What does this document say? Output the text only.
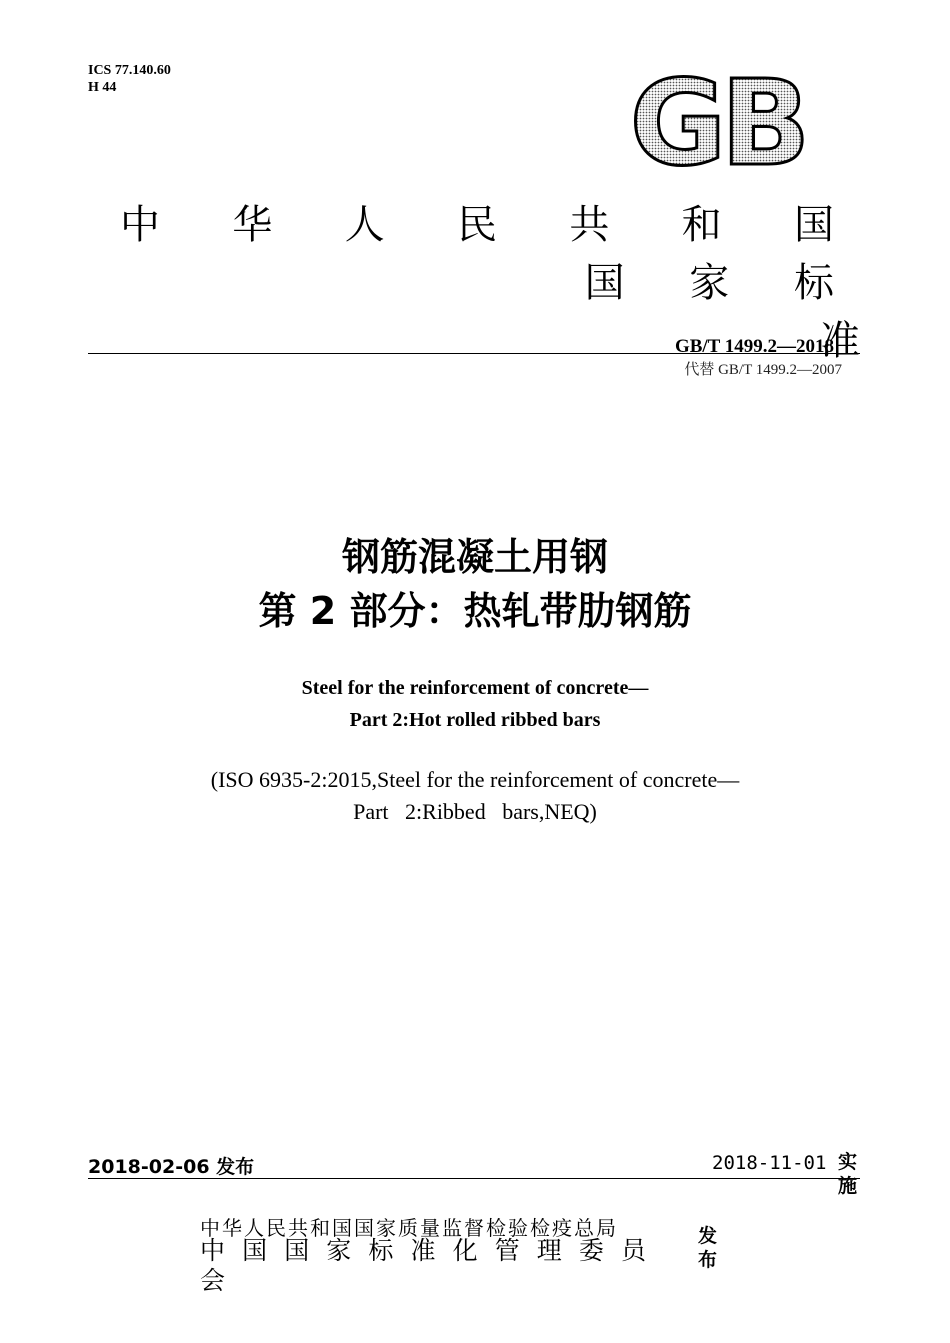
ICS 77.140.60
H 44	GB
中 华 人 民 共 和 国 国 家 标
准
GB/T 1499.2—2018
代替 GB/T 1499.2—2007
钢筋混凝土用钢
第 2 部分：热轧带肋钢筋
Steel for the reinforcement of concrete—
Part 2:Hot rolled ribbed bars
(ISO 6935-2:2015,Steel for the reinforcement of concrete—
Part   2:Ribbed   bars,NEQ)
2018-02-06 发布	2018-11-01 实施
中华人民共和国国家质量监督检验检疫总局
中国国家标准化管理委员会
发布
